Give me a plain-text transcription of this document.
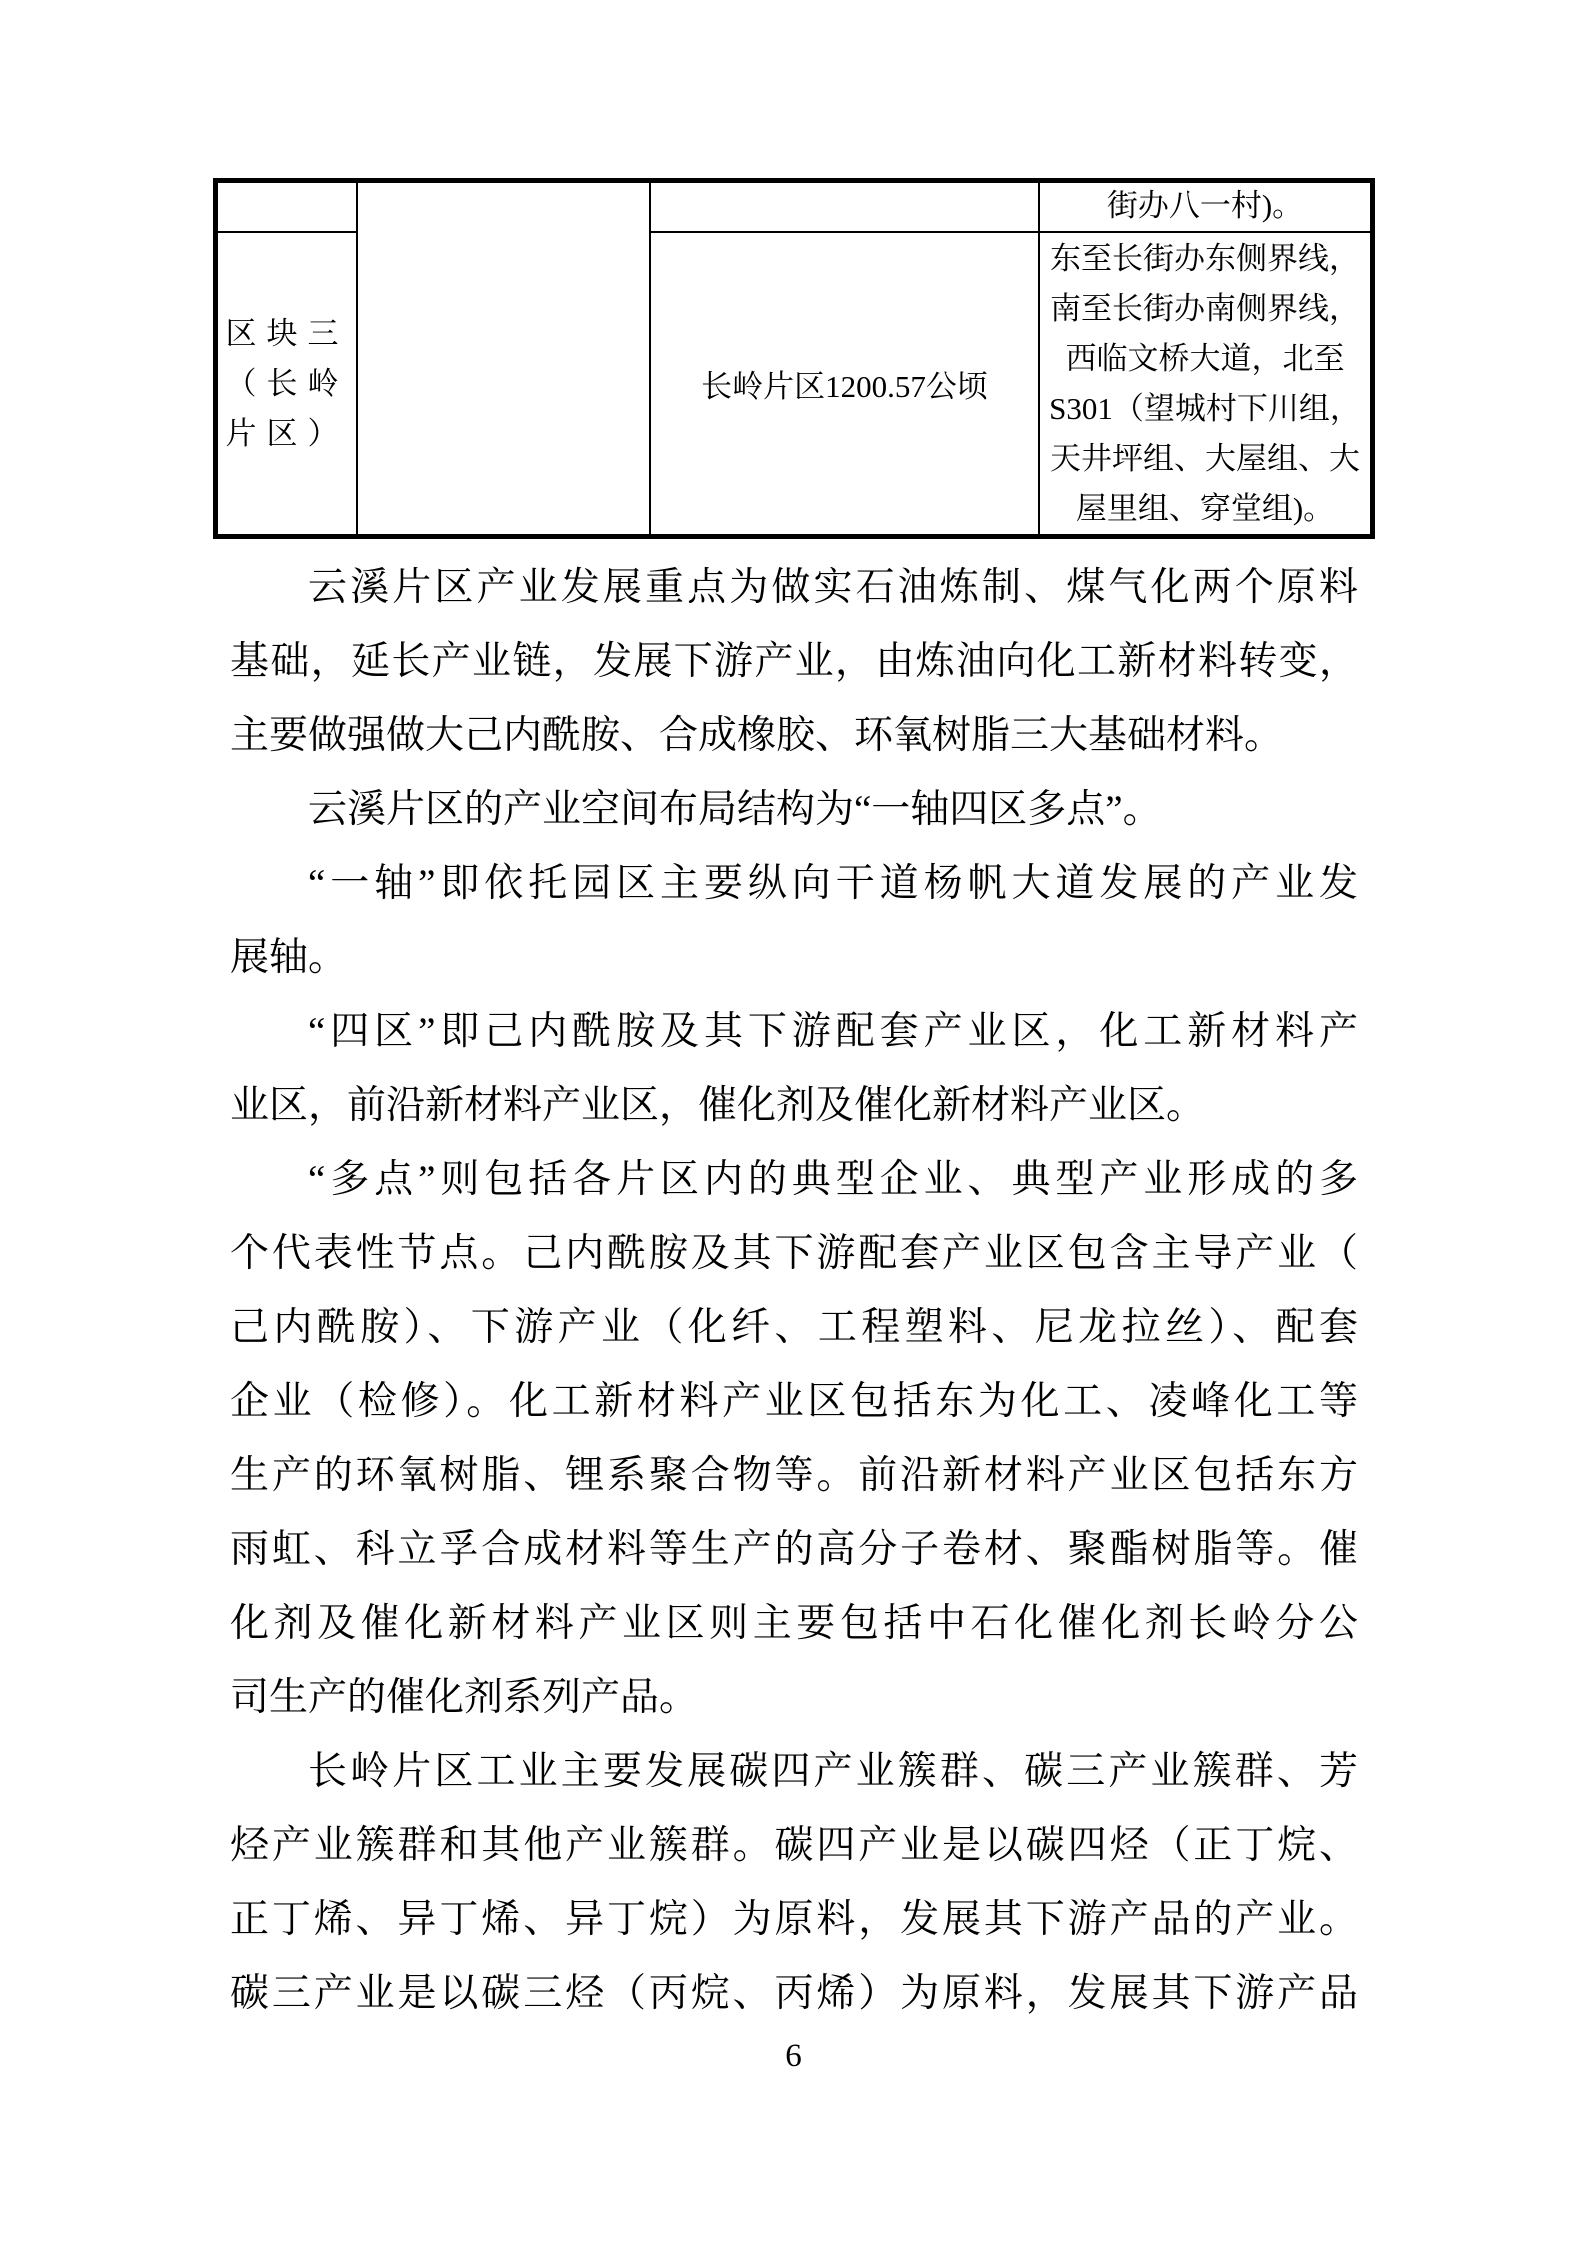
街办八一村)。
区块三
（长岭
片区）
长岭片区1200.57公顷
东至长街办东侧界线，
南至长街办南侧界线，
西临文桥大道，北至
S301（望城村下川组，
天井坪组、大屋组、大
屋里组、穿堂组)。
云溪片区产业发展重点为做实石油炼制、煤气化两个原料
基础，延长产业链，发展下游产业，由炼油向化工新材料转变，
主要做强做大己内酰胺、合成橡胶、环氧树脂三大基础材料。
云溪片区的产业空间布局结构为“一轴四区多点”。
“一轴”即依托园区主要纵向干道杨帆大道发展的产业发
展轴。
“四区”即己内酰胺及其下游配套产业区，化工新材料产
业区，前沿新材料产业区，催化剂及催化新材料产业区。
“多点”则包括各片区内的典型企业、典型产业形成的多
个代表性节点。己内酰胺及其下游配套产业区包含主导产业（
己内酰胺）、下游产业（化纤、工程塑料、尼龙拉丝）、配套
企业（检修）。化工新材料产业区包括东为化工、凌峰化工等
生产的环氧树脂、锂系聚合物等。前沿新材料产业区包括东方
雨虹、科立孚合成材料等生产的高分子卷材、聚酯树脂等。催
化剂及催化新材料产业区则主要包括中石化催化剂长岭分公
司生产的催化剂系列产品。
长岭片区工业主要发展碳四产业簇群、碳三产业簇群、芳
烃产业簇群和其他产业簇群。碳四产业是以碳四烃（正丁烷、
正丁烯、异丁烯、异丁烷）为原料，发展其下游产品的产业。
碳三产业是以碳三烃（丙烷、丙烯）为原料，发展其下游产品
6
